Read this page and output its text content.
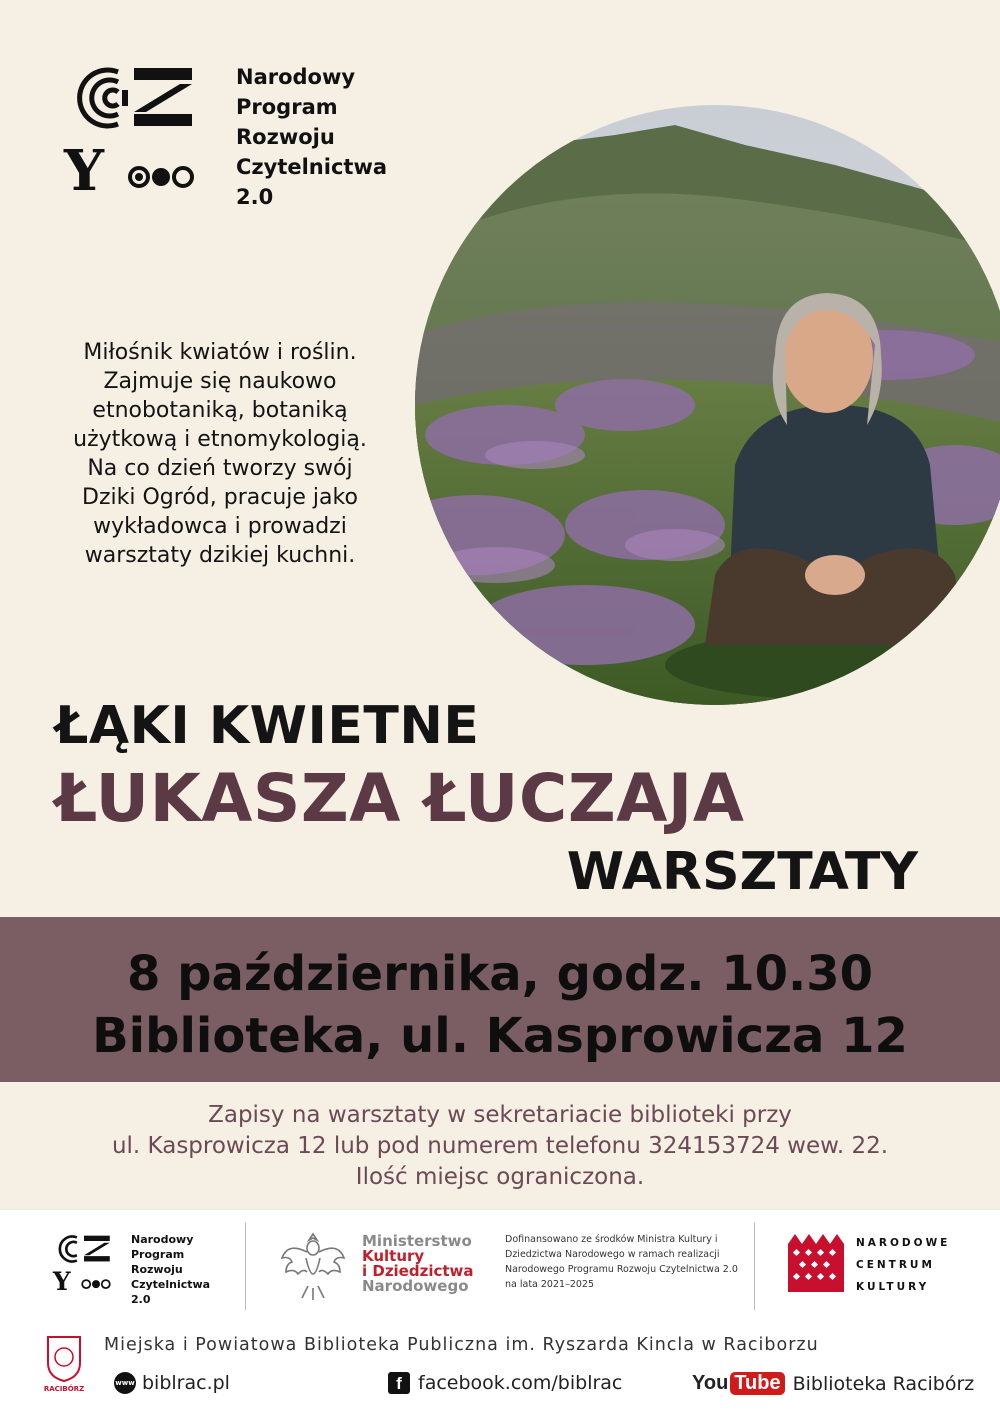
Y
Narodowy
Program
Rozwoju
Czytelnictwa
2.0
Miłośnik kwiatów i roślin.
Zajmuje się naukowo
etnobotaniką, botaniką
użytkową i etnomykologią.
Na co dzień tworzy swój
Dziki Ogród, pracuje jako
wykładowca i prowadzi
warsztaty dzikiej kuchni.
ŁĄKI KWIETNE
ŁUKASZA ŁUCZAJA
WARSZTATY
8 października, godz. 10.30
Biblioteka, ul. Kasprowicza 12
Zapisy na warsztaty w sekretariacie biblioteki przy
ul. Kasprowicza 12 lub pod numerem telefonu 324153724 wew. 22.
Ilość miejsc ograniczona.
Y
Narodowy
Program
Rozwoju
Czytelnictwa
2.0
Ministerstwo
Kultury
i Dziedzictwa
Narodowego
Dofinansowano ze środków Ministra Kultury i Dziedzictwa Narodowego w ramach realizacji Narodowego Programu Rozwoju Czytelnictwa 2.0 na lata 2021–2025
NARODOWE
CENTRUM
KULTURY
RACIBÓRZ
Miejska i Powiatowa Biblioteka Publiczna im. Ryszarda Kincla w Raciborzu
www biblrac.pl	f facebook.com/biblrac	You Tube Biblioteka Racibórz
